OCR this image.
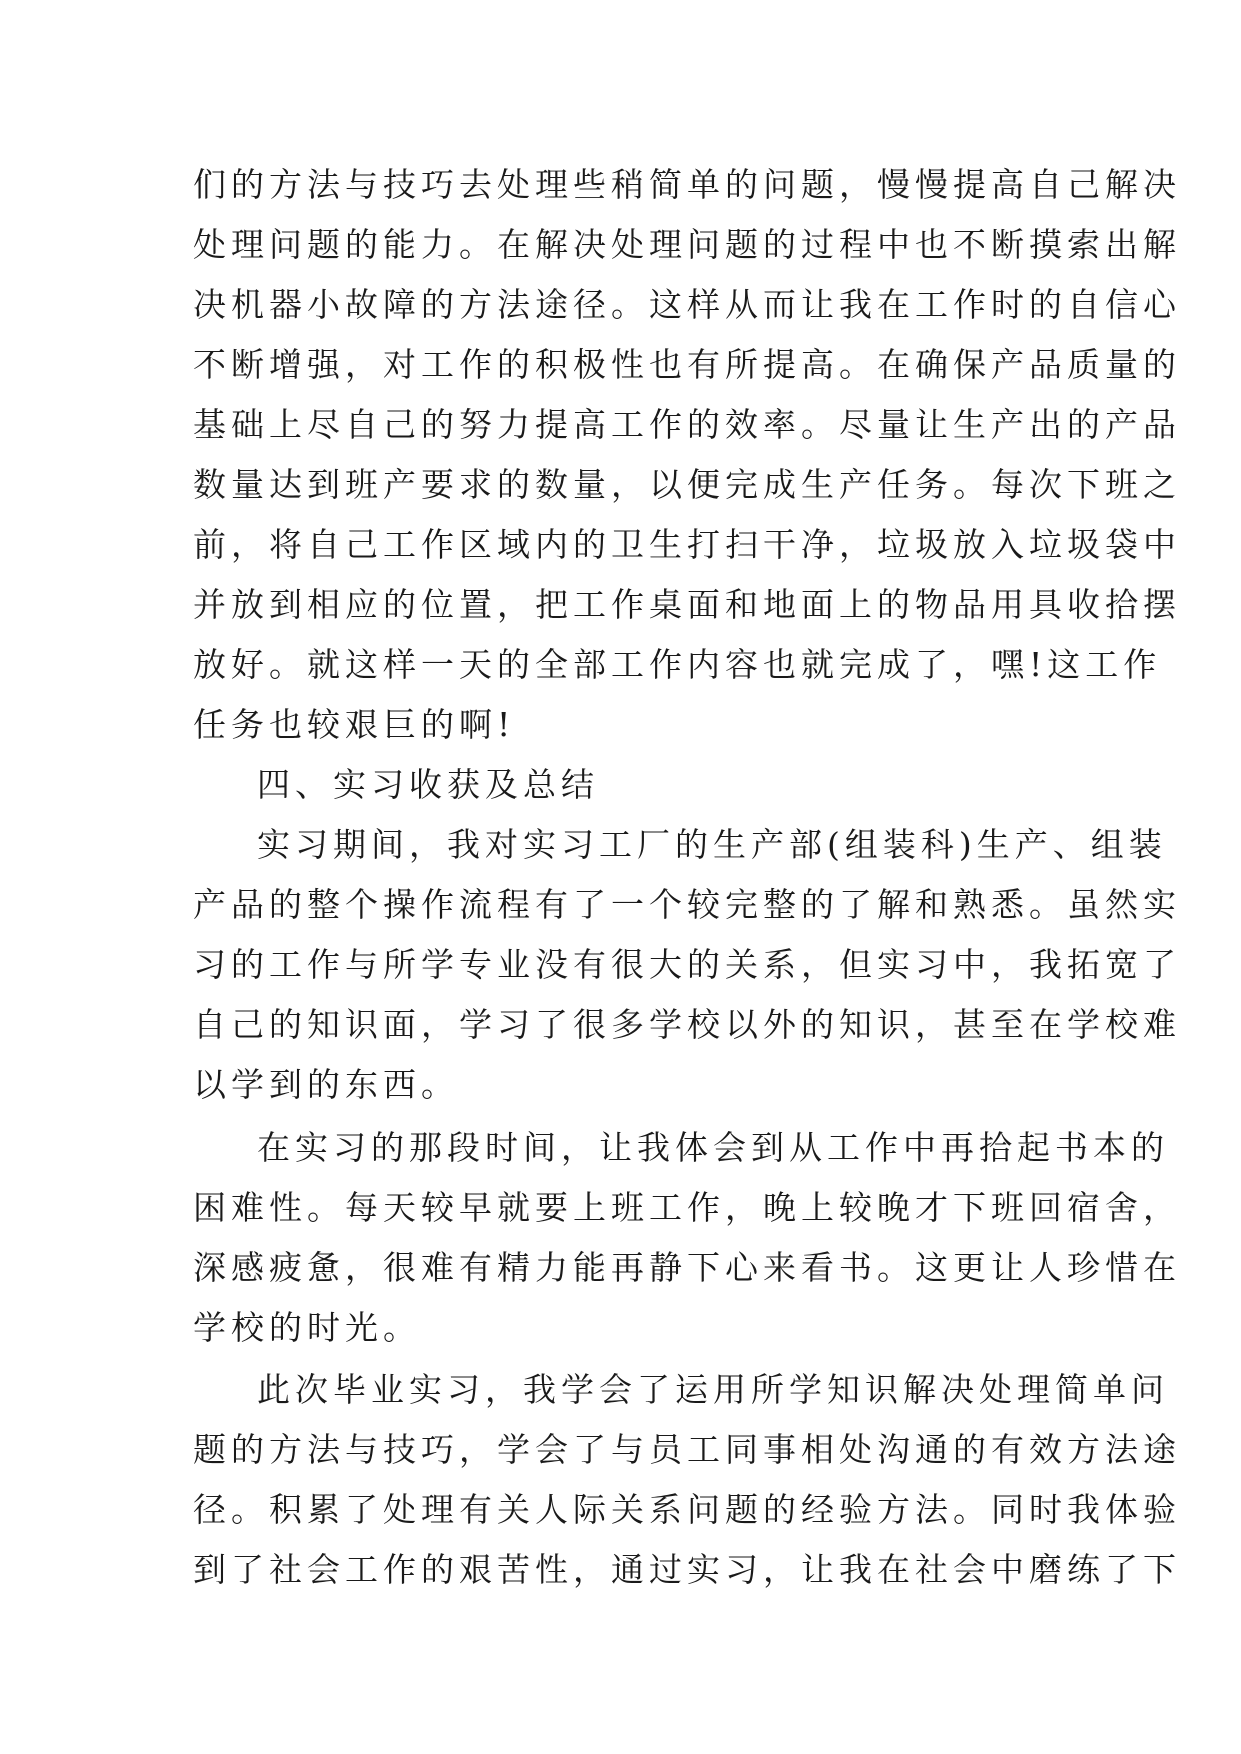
们的方法与技巧去处理些稍简单的问题，慢慢提高自己解决
处理问题的能力。在解决处理问题的过程中也不断摸索出解
决机器小故障的方法途径。这样从而让我在工作时的自信心
不断增强，对工作的积极性也有所提高。在确保产品质量的
基础上尽自己的努力提高工作的效率。尽量让生产出的产品
数量达到班产要求的数量，以便完成生产任务。每次下班之
前，将自己工作区域内的卫生打扫干净，垃圾放入垃圾袋中
并放到相应的位置，把工作桌面和地面上的物品用具收拾摆
放好。就这样一天的全部工作内容也就完成了，嘿!这工作
任务也较艰巨的啊!
四、实习收获及总结
实习期间，我对实习工厂的生产部(组装科)生产、组装
产品的整个操作流程有了一个较完整的了解和熟悉。虽然实
习的工作与所学专业没有很大的关系，但实习中，我拓宽了
自己的知识面，学习了很多学校以外的知识，甚至在学校难
以学到的东西。
在实习的那段时间，让我体会到从工作中再拾起书本的
困难性。每天较早就要上班工作，晚上较晚才下班回宿舍，
深感疲惫，很难有精力能再静下心来看书。这更让人珍惜在
学校的时光。
此次毕业实习，我学会了运用所学知识解决处理简单问
题的方法与技巧，学会了与员工同事相处沟通的有效方法途
径。积累了处理有关人际关系问题的经验方法。同时我体验
到了社会工作的艰苦性，通过实习，让我在社会中磨练了下
